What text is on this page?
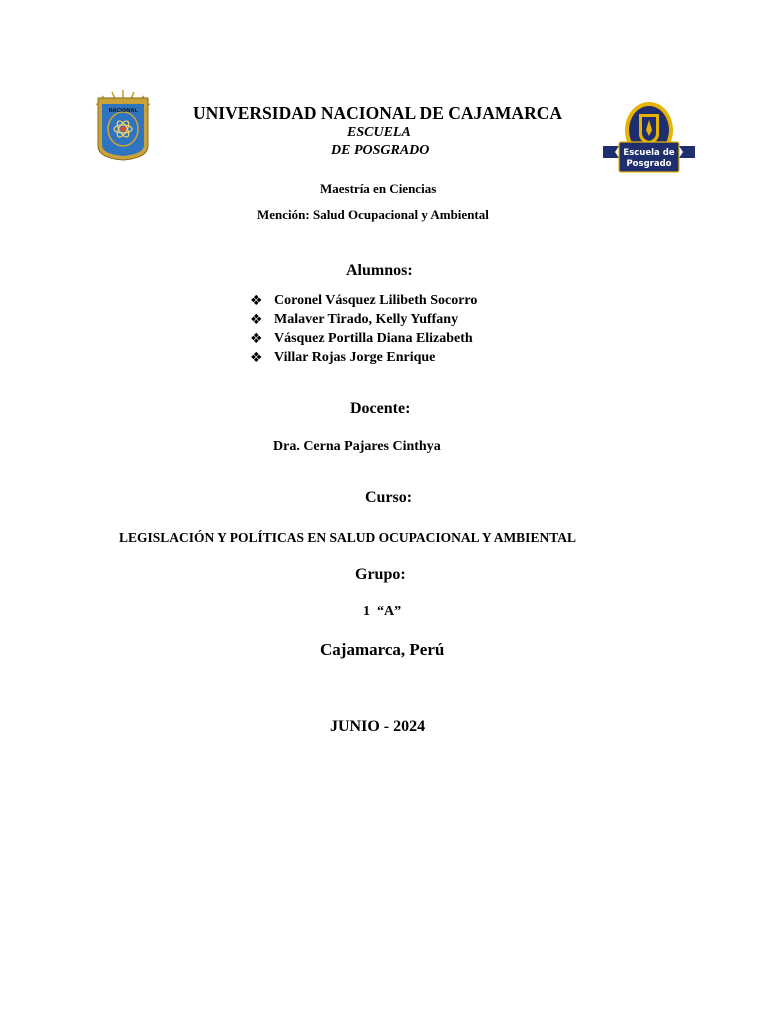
NACIONAL
Escuela de
Posgrado
UNIVERSIDAD NACIONAL DE CAJAMARCA
ESCUELA
DE POSGRADO
Maestría en Ciencias
Mención: Salud Ocupacional y Ambiental
Alumnos:
❖ Coronel Vásquez Lilibeth Socorro
❖ Malaver Tirado, Kelly Yuffany
❖ Vásquez Portilla Diana Elizabeth
❖ Villar Rojas Jorge Enrique
Docente:
Dra. Cerna Pajares Cinthya
Curso:
LEGISLACIÓN Y POLÍTICAS EN SALUD OCUPACIONAL Y AMBIENTAL
Grupo:
1  “A”
Cajamarca, Perú
JUNIO - 2024
